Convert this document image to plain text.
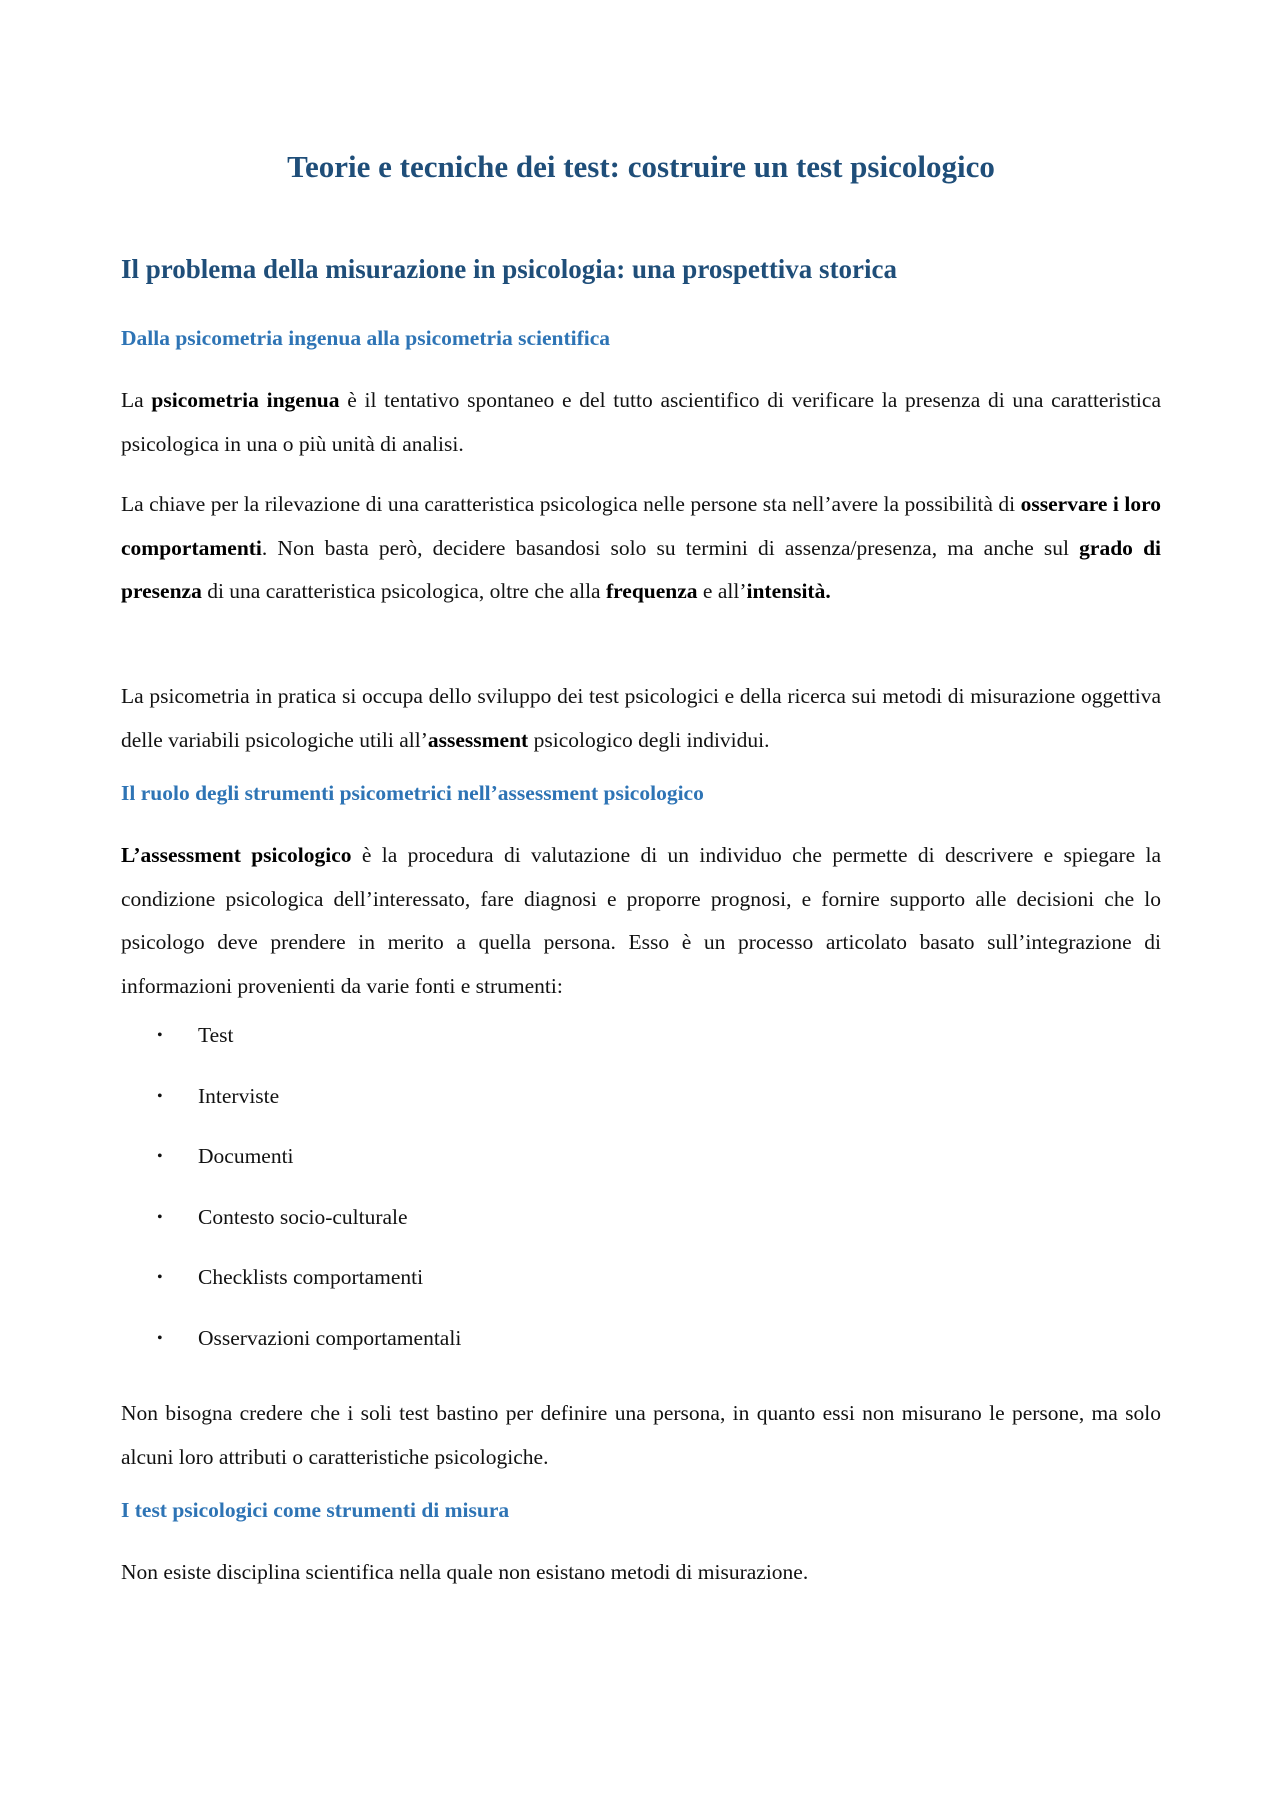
Teorie e tecniche dei test: costruire un test psicologico
Il problema della misurazione in psicologia: una prospettiva storica
Dalla psicometria ingenua alla psicometria scientifica

La psicometria ingenua è il tentativo spontaneo e del tutto ascientifico di verificare la presenza di una caratteristica psicologica in una o più unità di analisi.

La chiave per la rilevazione di una caratteristica psicologica nelle persone sta nell’avere la possibilità di osservare i loro comportamenti. Non basta però, decidere basandosi solo su termini di assenza/presenza, ma anche sul grado di presenza di una caratteristica psicologica, oltre che alla frequenza e all’intensità.

La psicometria in pratica si occupa dello sviluppo dei test psicologici e della ricerca sui metodi di misurazione oggettiva delle variabili psicologiche utili all’assessment psicologico degli individui.

Il ruolo degli strumenti psicometrici nell’assessment psicologico

L’assessment psicologico è la procedura di valutazione di un individuo che permette di descrivere e spiegare la condizione psicologica dell’interessato, fare diagnosi e proporre prognosi, e fornire supporto alle decisioni che lo psicologo deve prendere in merito a quella persona. Esso è un processo articolato basato sull’integrazione di informazioni provenienti da varie fonti e strumenti:

• Test
• Interviste
• Documenti
• Contesto socio-culturale
• Checklists comportamenti
• Osservazioni comportamentali

Non bisogna credere che i soli test bastino per definire una persona, in quanto essi non misurano le persone, ma solo alcuni loro attributi o caratteristiche psicologiche.

I test psicologici come strumenti di misura

Non esiste disciplina scientifica nella quale non esistano metodi di misurazione.
